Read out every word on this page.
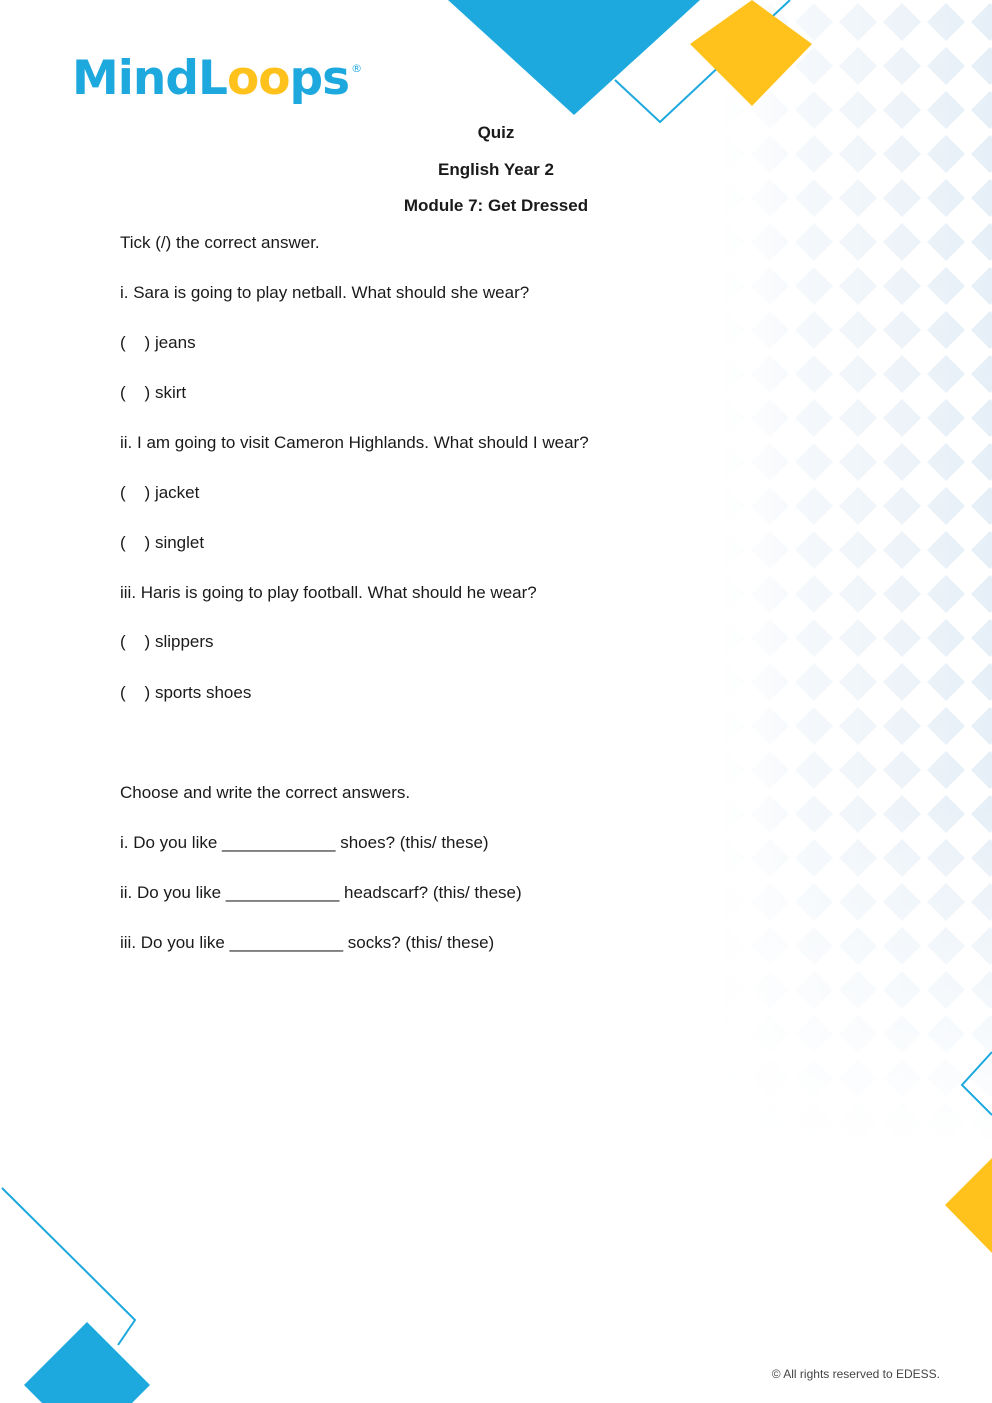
MindLoops ®
Quiz
English Year 2
Module 7: Get Dressed
Tick (/) the correct answer.
i. Sara is going to play netball. What should she wear?
(    ) jeans
(    ) skirt
ii. I am going to visit Cameron Highlands. What should I wear?
(    ) jacket
(    ) singlet
iii. Haris is going to play football. What should he wear?
(    ) slippers
(    ) sports shoes
Choose and write the correct answers.
i. Do you like ____________ shoes? (this/ these)
ii. Do you like ____________ headscarf? (this/ these)
iii. Do you like ____________ socks? (this/ these)
© All rights reserved to EDESS.
